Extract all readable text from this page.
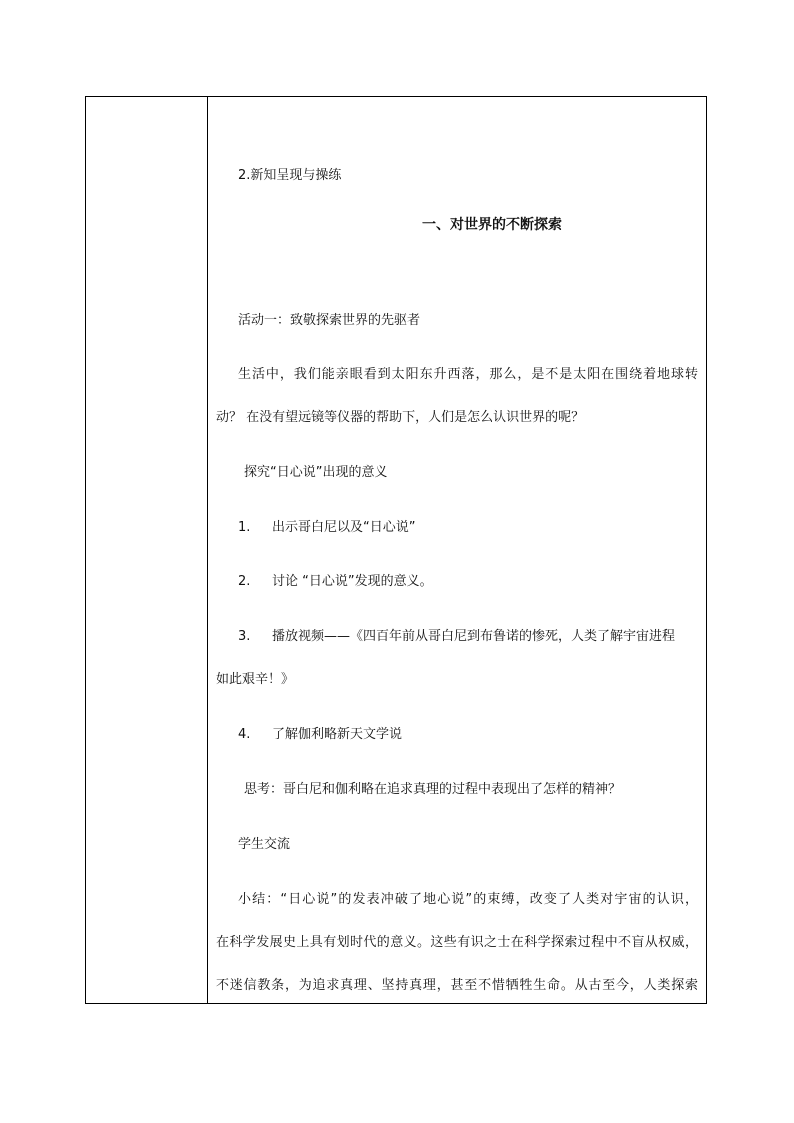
2.新知呈现与操练

一、对世界的不断探索

活动一：致敬探索世界的先驱者

生活中，我们能亲眼看到太阳东升西落，那么，是不是太阳在围绕着地球转

动？ 在没有望远镜等仪器的帮助下，人们是怎么认识世界的呢？

探究“日心说”出现的意义

1. 出示哥白尼以及“日心说”

2. 讨论 “日心说”发现的意义。

3. 播放视频——《四百年前从哥白尼到布鲁诺的惨死，人类了解宇宙进程

如此艰辛！》

4. 了解伽利略新天文学说

思考：哥白尼和伽利略在追求真理的过程中表现出了怎样的精神？

学生交流

小结：“日心说”的发表冲破了地心说”的束缚，改变了人类对宇宙的认识，

在科学发展史上具有划时代的意义。这些有识之士在科学探索过程中不盲从权威，

不迷信教条，为追求真理、坚持真理，甚至不惜牺牲生命。从古至今，人类探索
